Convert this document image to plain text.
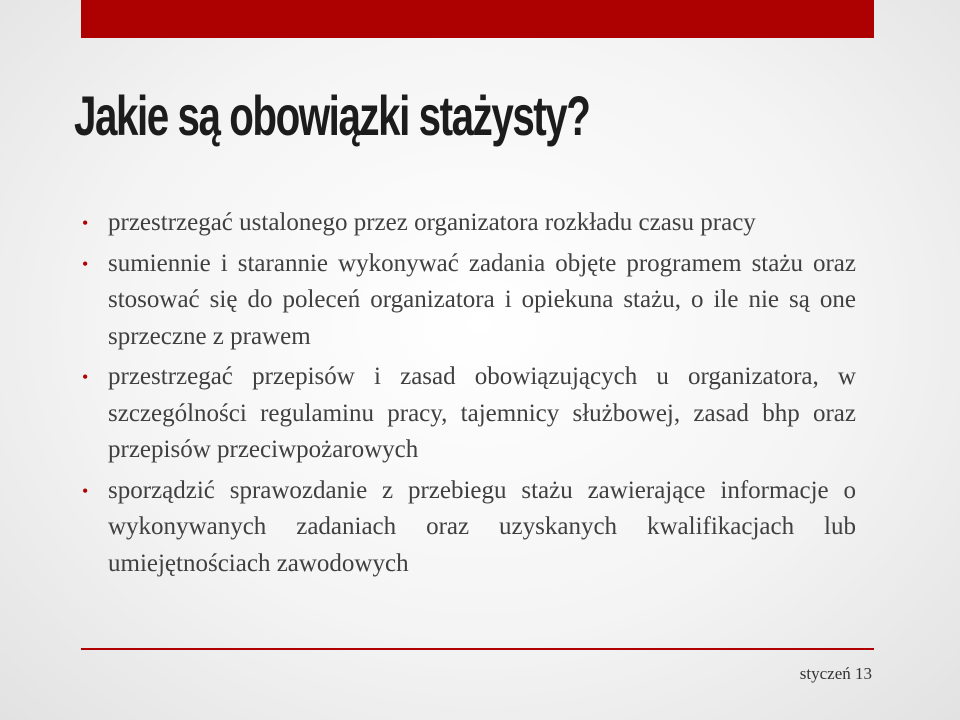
Jakie są obowiązki stażysty?
• przestrzegać ustalonego przez organizatora rozkładu czasu pracy
• sumiennie i starannie wykonywać zadania objęte programem stażu oraz stosować się do poleceń organizatora i opiekuna stażu, o ile nie są one sprzeczne z prawem
• przestrzegać przepisów i zasad obowiązujących u organizatora, w szczególności regulaminu pracy, tajemnicy służbowej, zasad bhp oraz przepisów przeciwpożarowych
• sporządzić sprawozdanie z przebiegu stażu zawierające informacje o wykonywanych zadaniach oraz uzyskanych kwalifikacjach lub umiejętnościach zawodowych
styczeń 13
